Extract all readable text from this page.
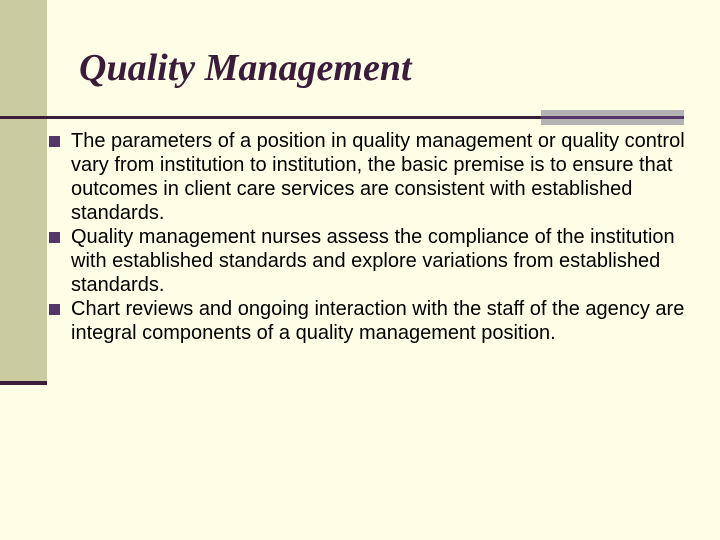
Quality Management
The parameters of a position in quality management or quality control vary from institution to institution, the basic premise is to ensure that outcomes in client care services are consistent with established standards.
Quality management nurses assess the compliance of the institution with established standards and explore variations from established standards.
Chart reviews and ongoing interaction with the staff of the agency are integral components of a quality management position.
